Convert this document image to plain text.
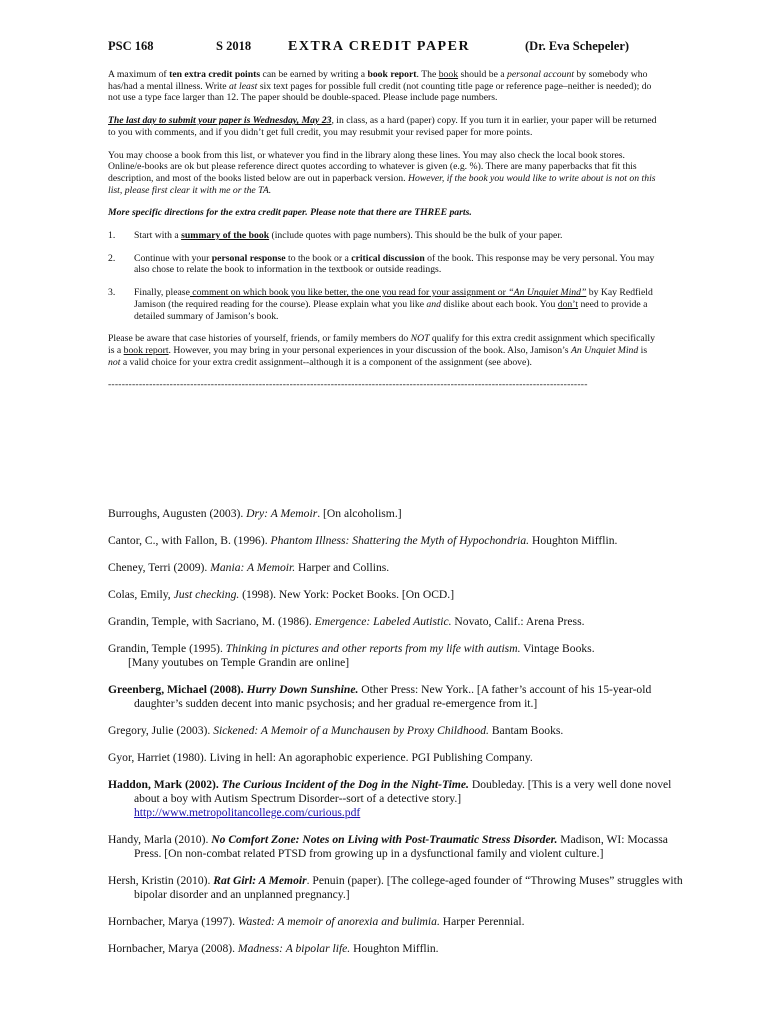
PSC 168	S 2018	EXTRA CREDIT PAPER	(Dr. Eva Schepeler)

A maximum of ten extra credit points can be earned by writing a book report. The book should be a personal account by somebody who has/had a mental illness. Write at least six text pages for possible full credit (not counting title page or reference page–neither is needed); do not use a type face larger than 12. The paper should be double-spaced. Please include page numbers.

The last day to submit your paper is Wednesday, May 23, in class, as a hard (paper) copy. If you turn it in earlier, your paper will be returned to you with comments, and if you didn’t get full credit, you may resubmit your revised paper for more points.

You may choose a book from this list, or whatever you find in the library along these lines. You may also check the local book stores. Online/e-books are ok but please reference direct quotes according to whatever is given (e.g. %). There are many paperbacks that fit this description, and most of the books listed below are out in paperback version. However, if the book you would like to write about is not on this list, please first clear it with me or the TA.

More specific directions for the extra credit paper. Please note that there are THREE parts.

1. Start with a summary of the book (include quotes with page numbers). This should be the bulk of your paper.
2. Continue with your personal response to the book or a critical discussion of the book. This response may be very personal. You may also chose to relate the book to information in the textbook or outside readings.
3. Finally, please comment on which book you like better, the one you read for your assignment or “An Unquiet Mind” by Kay Redfield Jamison (the required reading for the course). Please explain what you like and dislike about each book. You don’t need to provide a detailed summary of Jamison’s book.

Please be aware that case histories of yourself, friends, or family members do NOT qualify for this extra credit assignment which specifically is a book report. However, you may bring in your personal experiences in your discussion of the book. Also, Jamison’s An Unquiet Mind is not a valid choice for your extra credit assignment--although it is a component of the assignment (see above).

--------------------------------------------------------------------------------------------------------------------------------------------
Burroughs, Augusten (2003). Dry: A Memoir. [On alcoholism.]
Cantor, C., with Fallon, B. (1996). Phantom Illness: Shattering the Myth of Hypochondria. Houghton Mifflin.
Cheney, Terri (2009). Mania: A Memoir. Harper and Collins.
Colas, Emily, Just checking. (1998). New York: Pocket Books. [On OCD.]
Grandin, Temple, with Sacriano, M. (1986). Emergence: Labeled Autistic. Novato, Calif.: Arena Press.
Grandin, Temple (1995). Thinking in pictures and other reports from my life with autism. Vintage Books.
[Many youtubes on Temple Grandin are online]
Greenberg, Michael (2008). Hurry Down Sunshine. Other Press: New York.. [A father’s account of his 15-year-old daughter’s sudden decent into manic psychosis; and her gradual re-emergence from it.]
Gregory, Julie (2003). Sickened: A Memoir of a Munchausen by Proxy Childhood. Bantam Books.
Gyor, Harriet (1980). Living in hell: An agoraphobic experience. PGI Publishing Company.
Haddon, Mark (2002). The Curious Incident of the Dog in the Night-Time. Doubleday. [This is a very well done novel about a boy with Autism Spectrum Disorder--sort of a detective story.]
http://www.metropolitancollege.com/curious.pdf
Handy, Marla (2010). No Comfort Zone: Notes on Living with Post-Traumatic Stress Disorder. Madison, WI: Mocassa Press. [On non-combat related PTSD from growing up in a dysfunctional family and violent culture.]
Hersh, Kristin (2010). Rat Girl: A Memoir. Penuin (paper). [The college-aged founder of “Throwing Muses” struggles with bipolar disorder and an unplanned pregnancy.]
Hornbacher, Marya (1997). Wasted: A memoir of anorexia and bulimia. Harper Perennial.
Hornbacher, Marya (2008). Madness: A bipolar life. Houghton Mifflin.
